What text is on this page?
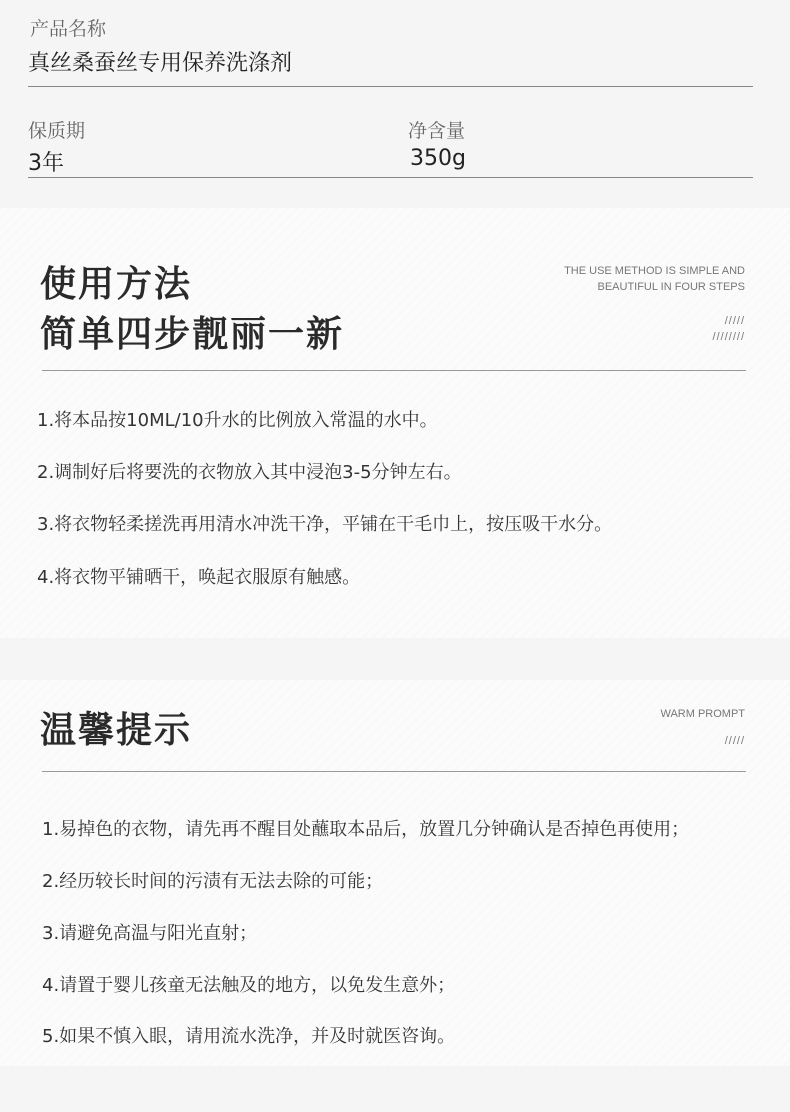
产品名称
真丝桑蚕丝专用保养洗涤剂
保质期
3年
净含量
350g
使用方法
简单四步靓丽一新
THE USE METHOD IS SIMPLE AND
BEAUTIFUL IN FOUR STEPS
/////
////////
1.将本品按10ML/10升水的比例放入常温的水中。
2.调制好后将要洗的衣物放入其中浸泡3-5分钟左右。
3.将衣物轻柔搓洗再用清水冲洗干净，平铺在干毛巾上，按压吸干水分。
4.将衣物平铺晒干，唤起衣服原有触感。
温馨提示	WARM PROMPT
/////
1.易掉色的衣物，请先再不醒目处蘸取本品后，放置几分钟确认是否掉色再使用；
2.经历较长时间的污渍有无法去除的可能；
3.请避免高温与阳光直射；
4.请置于婴儿孩童无法触及的地方，以免发生意外；
5.如果不慎入眼，请用流水洗净，并及时就医咨询。
